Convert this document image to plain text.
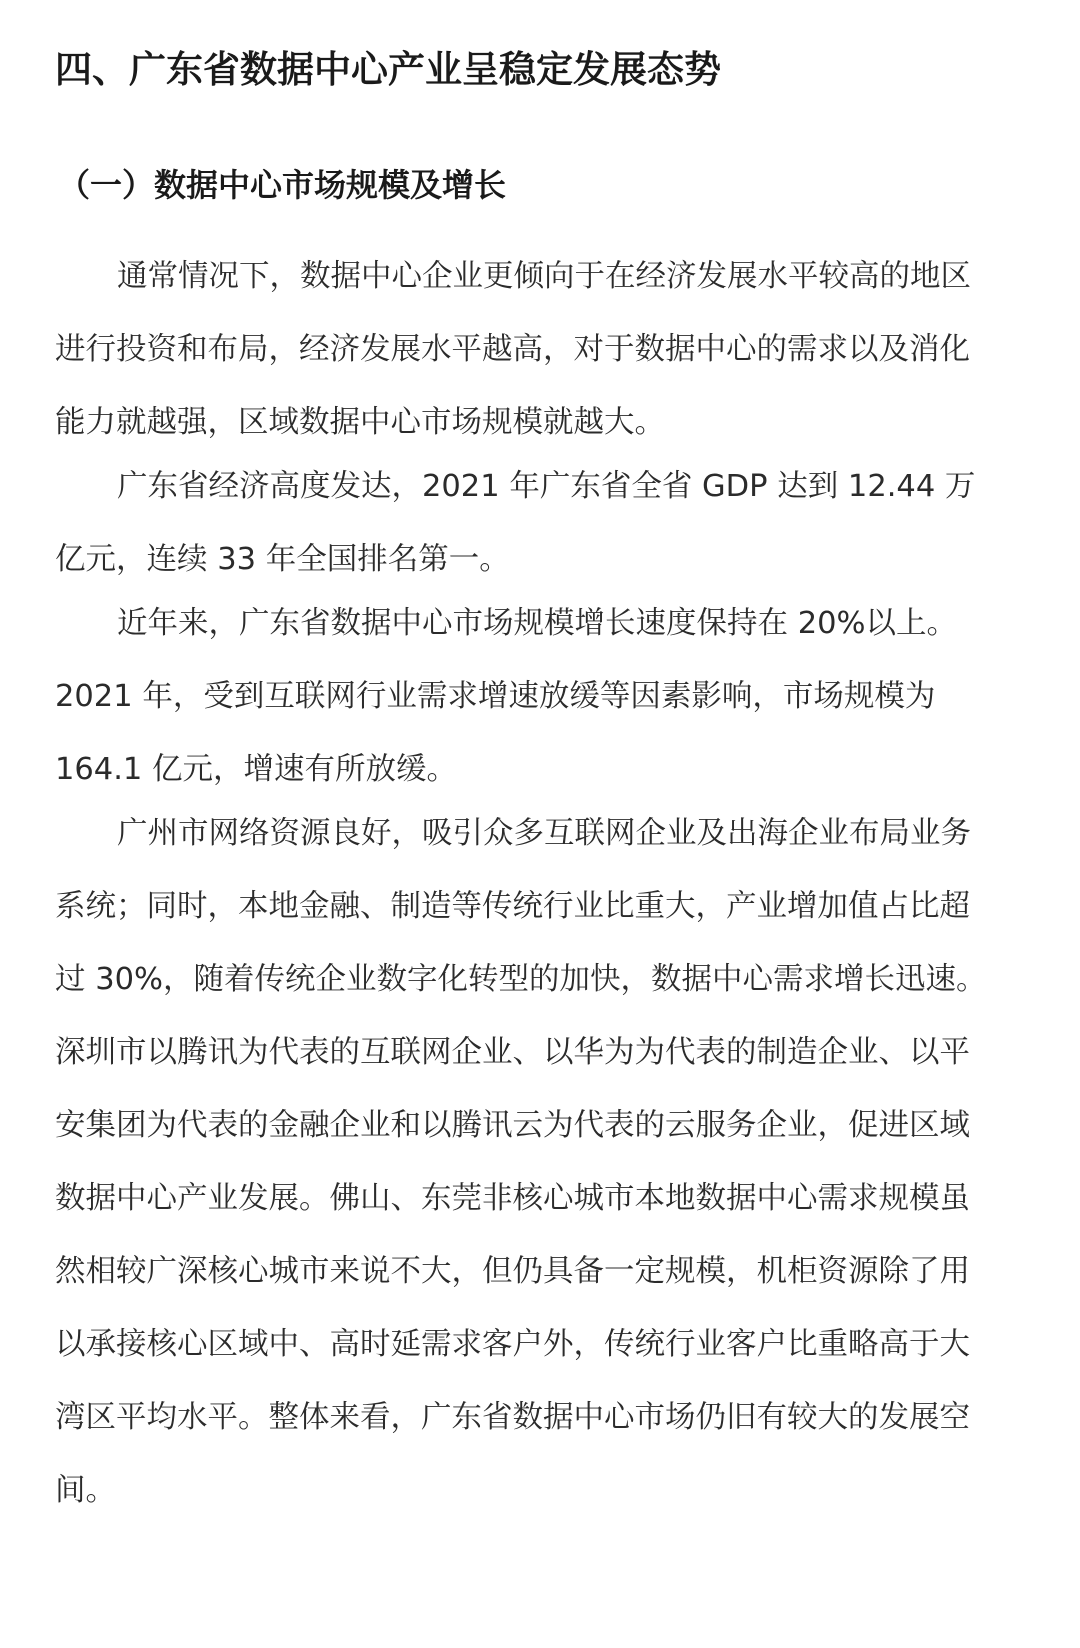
四、广东省数据中心产业呈稳定发展态势
（一）数据中心市场规模及增长
通常情况下，数据中心企业更倾向于在经济发展水平较高的地区
进行投资和布局，经济发展水平越高，对于数据中心的需求以及消化
能力就越强，区域数据中心市场规模就越大。
广东省经济高度发达，2021 年广东省全省 GDP 达到 12.44 万
亿元，连续 33 年全国排名第一。
近年来，广东省数据中心市场规模增长速度保持在 20%以上。
2021 年，受到互联网行业需求增速放缓等因素影响，市场规模为
164.1 亿元，增速有所放缓。
广州市网络资源良好，吸引众多互联网企业及出海企业布局业务
系统；同时，本地金融、制造等传统行业比重大，产业增加值占比超
过 30%，随着传统企业数字化转型的加快，数据中心需求增长迅速。
深圳市以腾讯为代表的互联网企业、以华为为代表的制造企业、以平
安集团为代表的金融企业和以腾讯云为代表的云服务企业，促进区域
数据中心产业发展。佛山、东莞非核心城市本地数据中心需求规模虽
然相较广深核心城市来说不大，但仍具备一定规模，机柜资源除了用
以承接核心区域中、高时延需求客户外，传统行业客户比重略高于大
湾区平均水平。整体来看，广东省数据中心市场仍旧有较大的发展空
间。
